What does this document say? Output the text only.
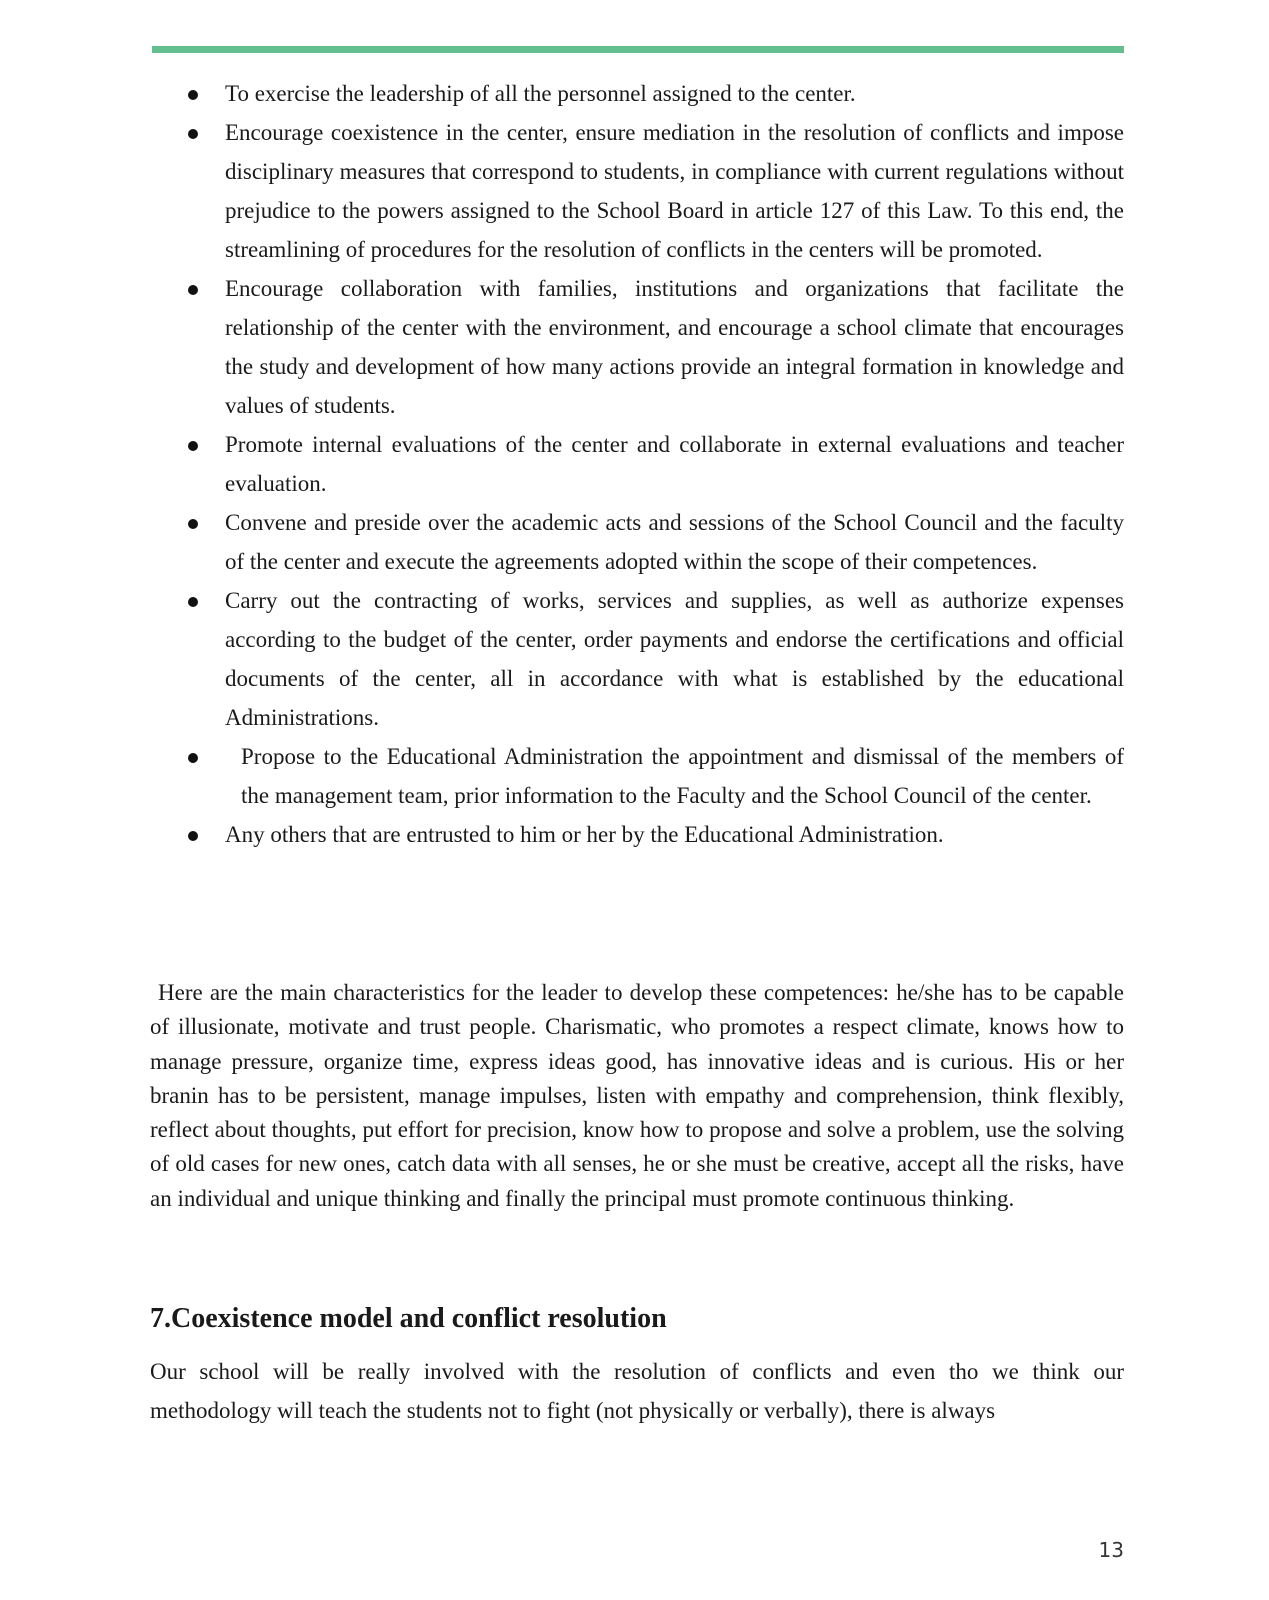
To exercise the leadership of all the personnel assigned to the center.
Encourage coexistence in the center, ensure mediation in the resolution of conflicts and impose disciplinary measures that correspond to students, in compliance with current regulations without prejudice to the powers assigned to the School Board in article 127 of this Law. To this end, the streamlining of procedures for the resolution of conflicts in the centers will be promoted.
Encourage collaboration with families, institutions and organizations that facilitate the relationship of the center with the environment, and encourage a school climate that encourages the study and development of how many actions provide an integral formation in knowledge and values of students.
Promote internal evaluations of the center and collaborate in external evaluations and teacher evaluation.
Convene and preside over the academic acts and sessions of the School Council and the faculty of the center and execute the agreements adopted within the scope of their competences.
Carry out the contracting of works, services and supplies, as well as authorize expenses according to the budget of the center, order payments and endorse the certifications and official documents of the center, all in accordance with what is established by the educational Administrations.
Propose to the Educational Administration the appointment and dismissal of the members of the management team, prior information to the Faculty and the School Council of the center.
Any others that are entrusted to him or her by the Educational Administration.

Here are the main characteristics for the leader to develop these competences: he/she has to be capable of illusionate, motivate and trust people. Charismatic, who promotes a respect climate, knows how to manage pressure, organize time, express ideas good, has innovative ideas and is curious. His or her branin has to be persistent, manage impulses, listen with empathy and comprehension, think flexibly, reflect about thoughts, put effort for precision, know how to propose and solve a problem, use the solving of old cases for new ones, catch data with all senses, he or she must be creative, accept all the risks, have an individual and unique thinking and finally the principal must promote continuous thinking.

7.Coexistence model and conflict resolution

Our school will be really involved with the resolution of conflicts and even tho we think our methodology will teach the students not to fight (not physically or verbally), there is always

13
